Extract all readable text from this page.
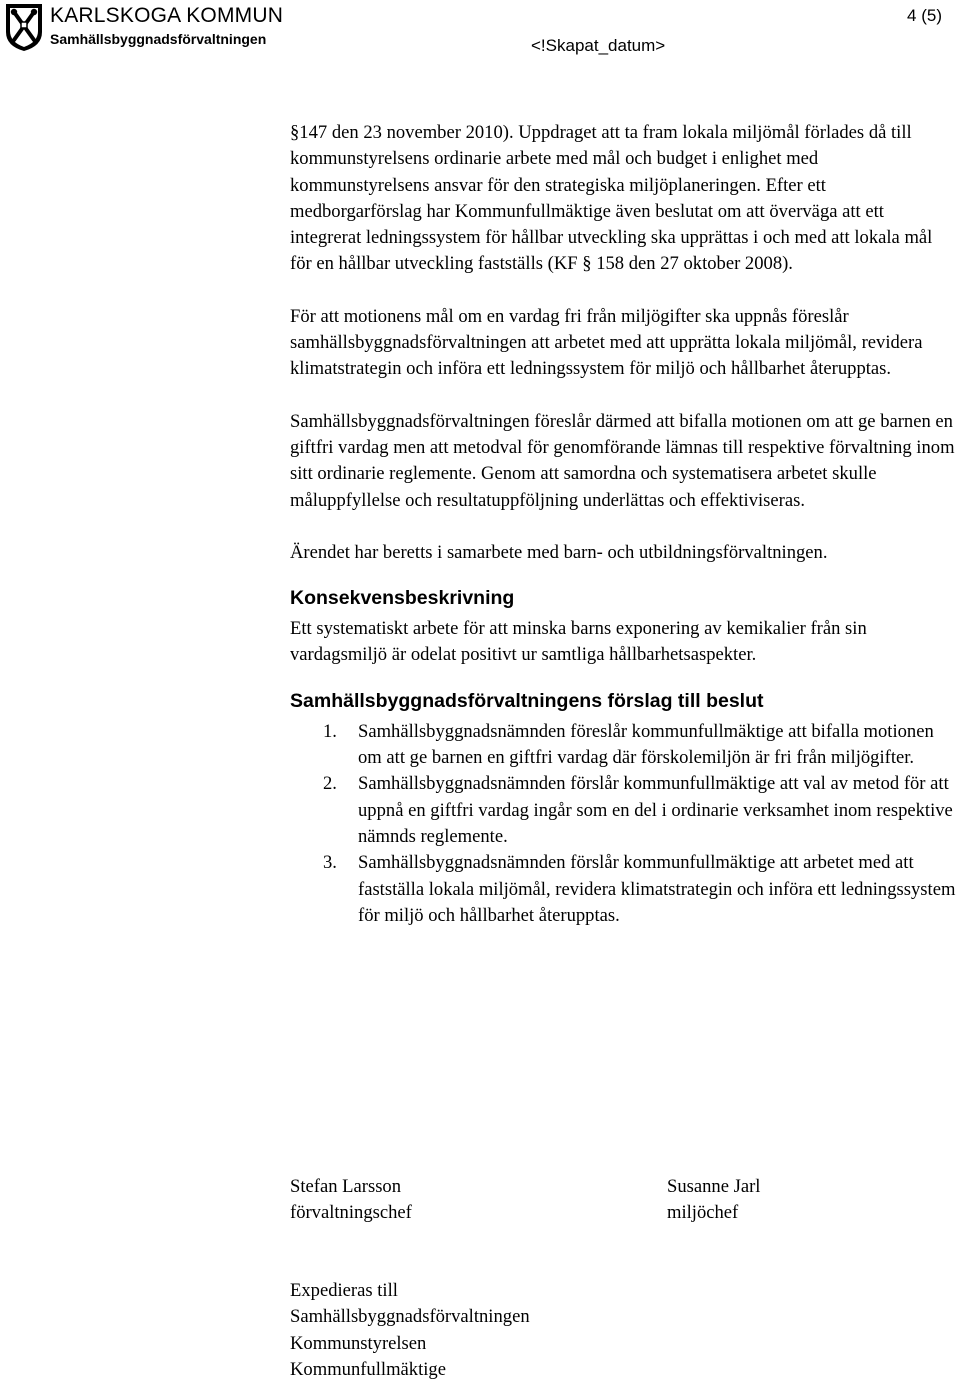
KARLSKOGA KOMMUN
Samhällsbyggnadsförvaltningen
4 (5)
<!Skapat_datum>

§147 den 23 november 2010). Uppdraget att ta fram lokala miljömål förlades då till kommunstyrelsens ordinarie arbete med mål och budget i enlighet med kommunstyrelsens ansvar för den strategiska miljöplaneringen. Efter ett medborgarförslag har Kommunfullmäktige även beslutat om att överväga att ett integrerat ledningssystem för hållbar utveckling ska upprättas i och med att lokala mål för en hållbar utveckling fastställs (KF § 158 den 27 oktober 2008).

För att motionens mål om en vardag fri från miljögifter ska uppnås föreslår samhällsbyggnadsförvaltningen att arbetet med att upprätta lokala miljömål, revidera klimatstrategin och införa ett ledningssystem för miljö och hållbarhet återupptas.

Samhällsbyggnadsförvaltningen föreslår därmed att bifalla motionen om att ge barnen en giftfri vardag men att metodval för genomförande lämnas till respektive förvaltning inom sitt ordinarie reglemente. Genom att samordna och systematisera arbetet skulle måluppfyllelse och resultatuppföljning underlättas och effektiviseras.

Ärendet har beretts i samarbete med barn- och utbildningsförvaltningen.

Konsekvensbeskrivning

Ett systematiskt arbete för att minska barns exponering av kemikalier från sin vardagsmiljö är odelat positivt ur samtliga hållbarhetsaspekter.

Samhällsbyggnadsförvaltningens förslag till beslut
1. Samhällsbyggnadsnämnden föreslår kommunfullmäktige att bifalla motionen om att ge barnen en giftfri vardag där förskolemiljön är fri från miljögifter.
2. Samhällsbyggnadsnämnden förslår kommunfullmäktige att val av metod för att uppnå en giftfri vardag ingår som en del i ordinarie verksamhet inom respektive nämnds reglemente.
3. Samhällsbyggnadsnämnden förslår kommunfullmäktige att arbetet med att fastställa lokala miljömål, revidera klimatstrategin och införa ett ledningssystem för miljö och hållbarhet återupptas.
Stefan Larsson
förvaltningschef
Susanne Jarl
miljöchef
Expedieras till
Samhällsbyggnadsförvaltningen
Kommunstyrelsen
Kommunfullmäktige
